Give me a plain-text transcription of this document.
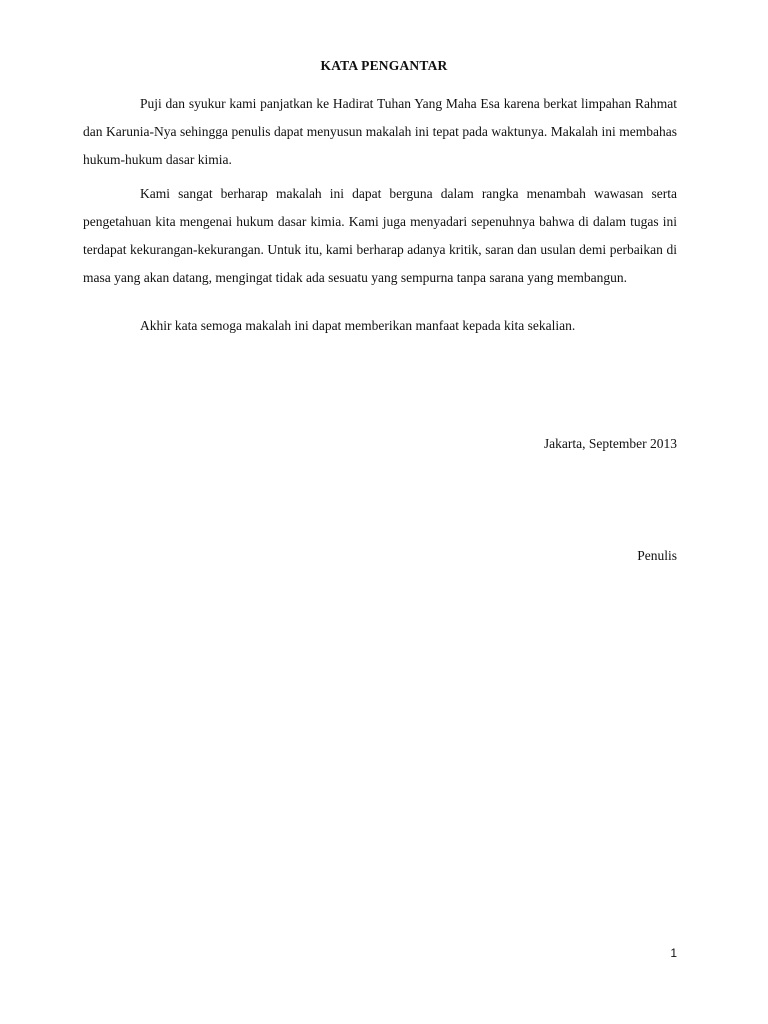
KATA PENGANTAR

Puji dan syukur kami panjatkan ke Hadirat Tuhan Yang Maha Esa karena berkat limpahan Rahmat dan Karunia-Nya sehingga penulis dapat menyusun makalah ini tepat pada waktunya. Makalah ini membahas hukum-hukum dasar kimia.

Kami sangat berharap makalah ini dapat berguna dalam rangka menambah wawasan serta pengetahuan kita mengenai hukum dasar kimia. Kami juga menyadari sepenuhnya bahwa di dalam tugas ini terdapat kekurangan-kekurangan. Untuk itu, kami berharap adanya kritik, saran dan usulan demi perbaikan di masa yang akan datang, mengingat tidak ada sesuatu yang sempurna tanpa sarana yang membangun.

Akhir kata semoga makalah ini dapat memberikan manfaat kepada kita sekalian.

Jakarta, September 2013

Penulis

1
